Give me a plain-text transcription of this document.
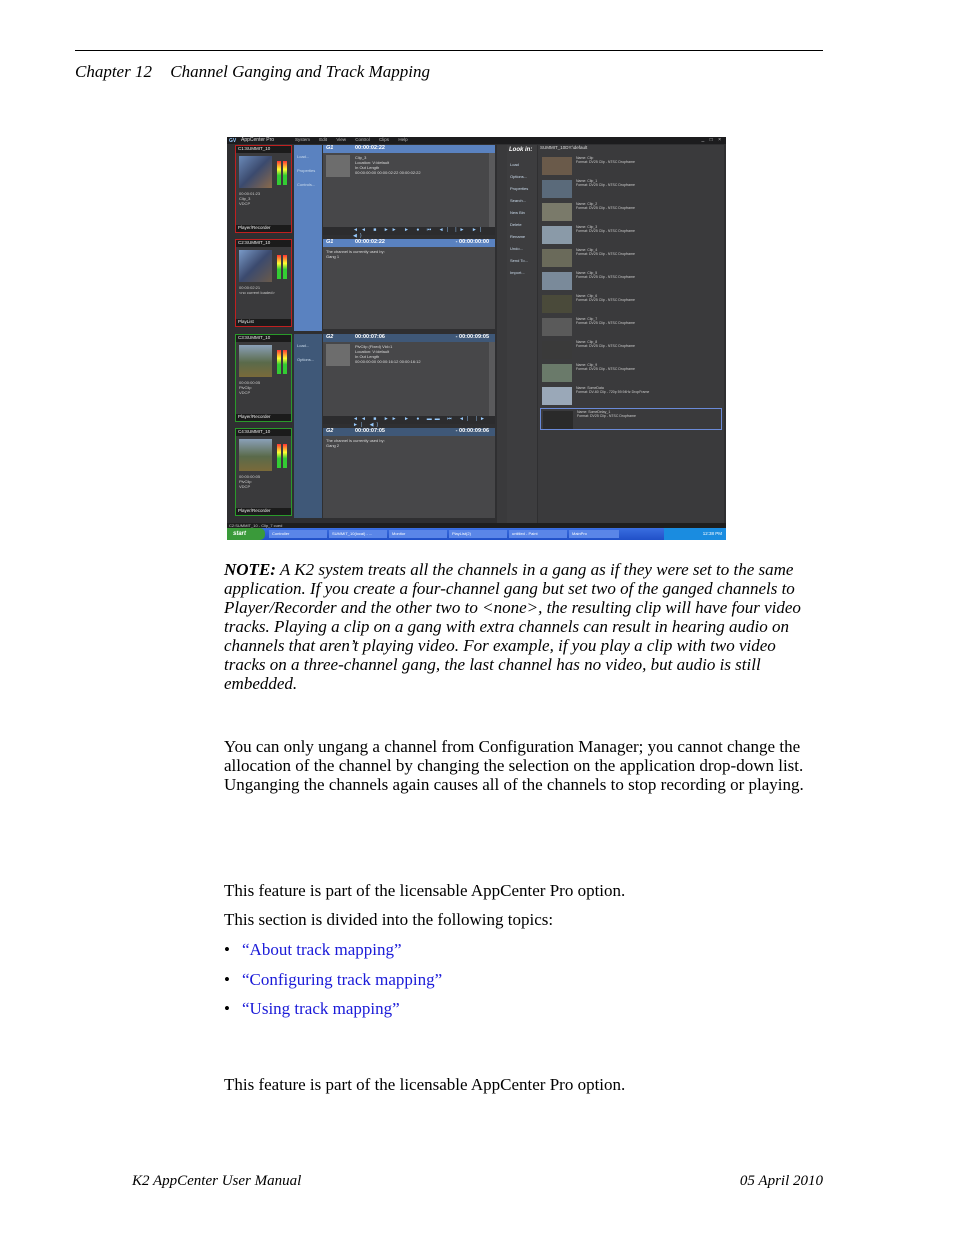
Chapter 12 Channel Ganging and Track Mapping
GV AppCenter Pro	System Edit View Control Clips Help	_ □ ×
C1:SUMMIT_10
00:00:01:23
Clip_3
VDCP
Player/Recorder
C2:SUMMIT_10
00:00:02:21
<no current loaded>
PlayList
C3:SUMMIT_10
00:00:00:05
PlvClip
VDCP
Player/Recorder
C4:SUMMIT_10
00:00:00:05
PlvClip
VDCP
Player/Recorder
Load...
Properties
Controls...
Load...
Options...
G1	00:00:02:22
Clip_3
Location: V:/default
In Out Length
00:00:00:00 00:00:02:22 00:00:02:22
◄◄ ■ ►► ► ● ⏮ ◄| |► ►| ◀)
G1	00:00:02:22	- 00:00:00:00
The channel is currently used by:
Gang 1
G2	00:00:07:06	- 00:00:09:05
PlvClip (Fixed) Vid=1
Location: V:/default
In Out Length
00:00:00:00 00:00:16:12 00:00:16:12
◄◄ ■ ►► ► ● ▬▬ ⏮ ◄| |► ►| ◀)
G2	00:00:07:05	- 00:00:09:06
The channel is currently used by:
Gang 2
Look in:
Load
Options...
Properties
Search...
New Bin
Delete
Rename
Undo...
Send To...
Import...
SUMMIT_10DY:\default
Name: Clip
Format: DV25 Clip - NTSC Dropframe
Name: Clip_1
Format: DV25 Clip - NTSC Dropframe
Name: Clip_2
Format: DV25 Clip - NTSC Dropframe
Name: Clip_3
Format: DV25 Clip - NTSC Dropframe
Name: Clip_4
Format: DV25 Clip - NTSC Dropframe
Name: Clip_5
Format: DV25 Clip - NTSC Dropframe
Name: Clip_6
Format: DV25 Clip - NTSC Dropframe
Name: Clip_7
Format: DV25 Clip - NTSC Dropframe
Name: Clip_8
Format: DV25 Clip - NTSC Dropframe
Name: Clip_9
Format: DV25 Clip - NTSC Dropframe
Name: SomeData
Format: DV-60 Clip - 720p 59.94Hz DropFrame
Name: SomeDelay_1
Format: DV25 Clip - NTSC Dropframe
C2:SUMMIT_10 - Clip_7 cued
start	Controller	SUMMIT_10(local) - ...	Monitor	PlayList(2)	untitled - Paint	MainPro	12:38 PM
NOTE: A K2 system treats all the channels in a gang as if they were set to the same application. If you create a four-channel gang but set two of the ganged channels to Player/Recorder and the other two to <none>, the resulting clip will have four video tracks. Playing a clip on a gang with extra channels can result in hearing audio on channels that aren’t playing video. For example, if you play a clip with two video tracks on a three-channel gang, the last channel has no video, but audio is still embedded.
You can only ungang a channel from Configuration Manager; you cannot change the allocation of the channel by changing the selection on the application drop-down list. Unganging the channels again causes all of the channels to stop recording or playing.
This feature is part of the licensable AppCenter Pro option.
This section is divided into the following topics:
• “About track mapping”
• “Configuring track mapping”
• “Using track mapping”
This feature is part of the licensable AppCenter Pro option.
K2 AppCenter User Manual	05 April 2010
